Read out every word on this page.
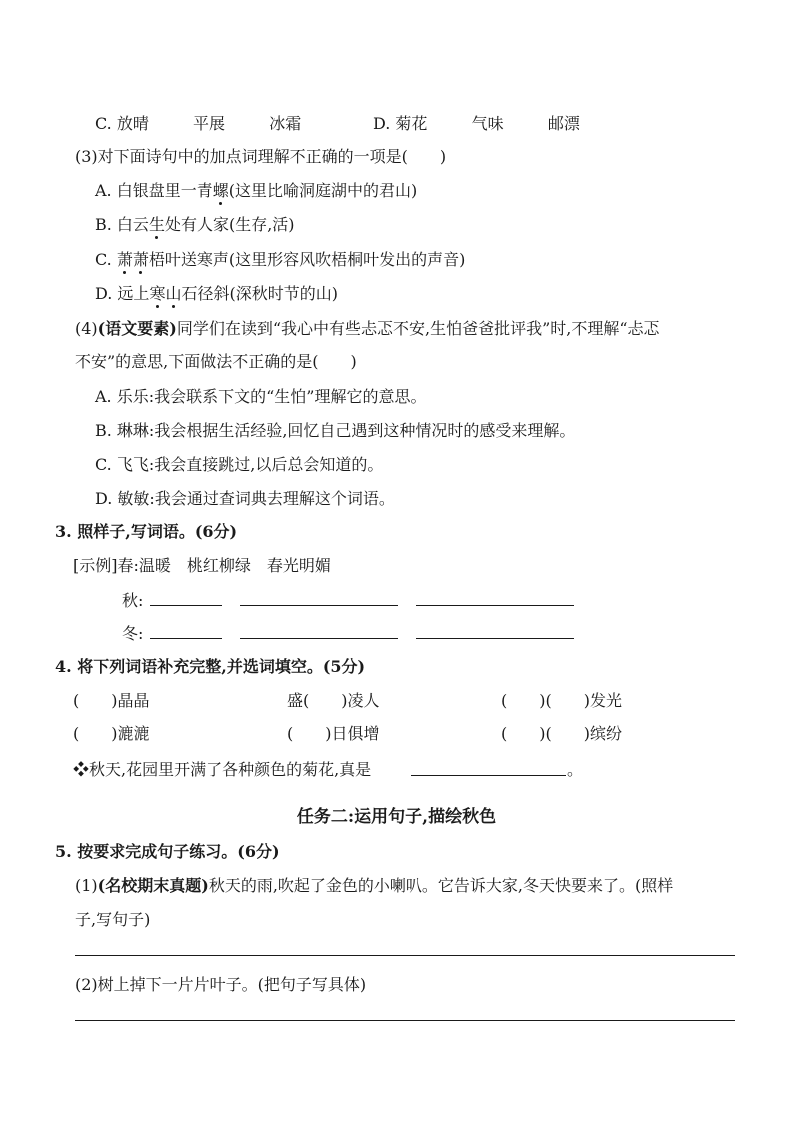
C. 放晴	平展	冰霜	D. 菊花	气味	邮漂
(3)对下面诗句中的加点词理解不正确的一项是(　　)
A. 白银盘里一青螺(这里比喻洞庭湖中的君山)
B. 白云生处有人家(生存,活)
C. 萧萧梧叶送寒声(这里形容风吹梧桐叶发出的声音)
D. 远上寒山石径斜(深秋时节的山)
(4)(语文要素)同学们在读到“我心中有些忐忑不安,生怕爸爸批评我”时,不理解“忐忑
不安”的意思,下面做法不正确的是(　　)
A. 乐乐:我会联系下文的“生怕”理解它的意思。
B. 琳琳:我会根据生活经验,回忆自己遇到这种情况时的感受来理解。
C. 飞飞:我会直接跳过,以后总会知道的。
D. 敏敏:我会通过查词典去理解这个词语。
3. 照样子,写词语。(6分)
[示例]春:温暖　桃红柳绿　春光明媚
秋:
冬:
4. 将下列词语补充完整,并选词填空。(5分)
(　　)晶晶	盛(　　)凌人	(　　)(　　)发光
(　　)漉漉	(　　)日俱增	(　　)(　　)缤纷
❖秋天,花园里开满了各种颜色的菊花,真是	。
任务二:运用句子,描绘秋色
5. 按要求完成句子练习。(6分)
(1)(名校期末真题)秋天的雨,吹起了金色的小喇叭。它告诉大家,冬天快要来了。(照样
子,写句子)
(2)树上掉下一片片叶子。(把句子写具体)
